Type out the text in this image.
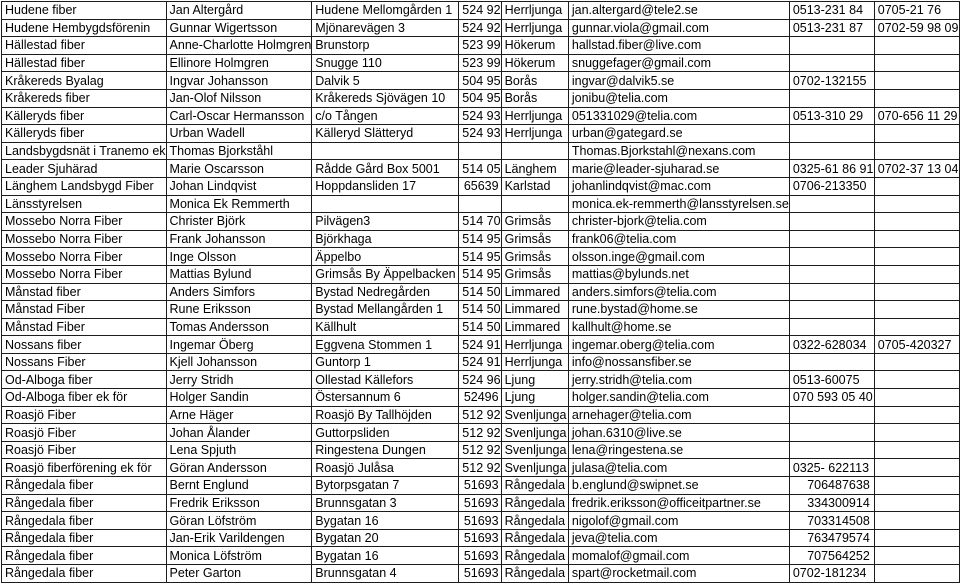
Hudene fiber	Jan Altergård	Hudene Mellomgården 1	524 92	Herrljunga	jan.altergard@tele2.se	0513-231 84	0705-21 76
Hudene Hembygdsförenin	Gunnar Wigertsson	Mjönarevägen 3	524 92	Herrljunga	gunnar.viola@gmail.com	0513-231 87	0702-59 98 09
Hällestad fiber	Anne-Charlotte Holmgren	Brunstorp	523 99	Hökerum	hallstad.fiber@live.com		
Hällestad fiber	Ellinore Holmgren	Snugge 110	523 99	Hökerum	snuggefager@gmail.com		
Kråkereds Byalag	Ingvar Johansson	Dalvik 5	504 95	Borås	ingvar@dalvik5.se	0702-132155	
Kråkereds fiber	Jan-Olof Nilsson	Kråkereds Sjövägen 10	504 95	Borås	jonibu@telia.com		
Källeryds fiber	Carl-Oscar Hermansson	c/o Tången	524 93	Herrljunga	051331029@telia.com	0513-310 29	070-656 11 29
Källeryds fiber	Urban Wadell	Källeryd Slätteryd	524 93	Herrljunga	urban@gategard.se		
Landsbygdsnät i Tranemo ek	Thomas Bjorkståhl				Thomas.Bjorkstahl@nexans.com		
Leader Sjuhärad	Marie Oscarsson	Rådde Gård Box 5001	514 05	Länghem	marie@leader-sjuharad.se	0325-61 86 91	0702-37 13 04
Länghem Landsbygd Fiber	Johan Lindqvist	Hoppdansliden 17	65639	Karlstad	johanlindqvist@mac.com	0706-213350	
Länsstyrelsen	Monica Ek Remmerth				monica.ek-remmerth@lansstyrelsen.se		
Mossebo Norra Fiber	Christer Björk	Pilvägen3	514 70	Grimsås	christer-bjork@telia.com		
Mossebo Norra Fiber	Frank Johansson	Björkhaga	514 95	Grimsås	frank06@telia.com		
Mossebo Norra Fiber	Inge Olsson	Äppelbo	514 95	Grimsås	olsson.inge@gmail.com		
Mossebo Norra Fiber	Mattias Bylund	Grimsås By Äppelbacken	514 95	Grimsås	mattias@bylunds.net		
Månstad fiber	Anders Simfors	Bystad Nedregården	514 50	Limmared	anders.simfors@telia.com		
Månstad Fiber	Rune Eriksson	Bystad Mellangården 1	514 50	Limmared	rune.bystad@home.se		
Månstad Fiber	Tomas Andersson	Källhult	514 50	Limmared	kallhult@home.se		
Nossans fiber	Ingemar Öberg	Eggvena Stommen 1	524 91	Herrljunga	ingemar.oberg@telia.com	0322-628034	0705-420327
Nossans Fiber	Kjell Johansson	Guntorp 1	524 91	Herrljunga	info@nossansfiber.se		
Od-Alboga fiber	Jerry Stridh	Ollestad Källefors	524 96	Ljung	jerry.stridh@telia.com	0513-60075	
Od-Alboga fiber ek för	Holger Sandin	Östersannum 6	52496	Ljung	holger.sandin@telia.com	070 593 05 40	
Roasjö Fiber	Arne Häger	Roasjö By Tallhöjden	512 92	Svenljunga	arnehager@telia.com		
Roasjö Fiber	Johan Ålander	Guttorpsliden	512 92	Svenljunga	johan.6310@live.se		
Roasjö Fiber	Lena Spjuth	Ringestena Dungen	512 92	Svenljunga	lena@ringestena.se		
Roasjö fiberförening ek för	Göran Andersson	Roasjö Julåsa	512 92	Svenljunga	julasa@telia.com	0325- 622113	
Rångedala fiber	Bernt Englund	Bytorpsgatan 7	51693	Rångedala	b.englund@swipnet.se	706487638	
Rångedala fiber	Fredrik Eriksson	Brunnsgatan 3	51693	Rångedala	fredrik.eriksson@officeitpartner.se	334300914	
Rångedala fiber	Göran Löfström	Bygatan 16	51693	Rångedala	nigolof@gmail.com	703314508	
Rångedala fiber	Jan-Erik Varildengen	Bygatan 20	51693	Rångedala	jeva@telia.com	763479574	
Rångedala fiber	Monica Löfström	Bygatan 16	51693	Rångedala	momalof@gmail.com	707564252	
Rångedala fiber	Peter Garton	Brunnsgatan 4	51693	Rångedala	spart@rocketmail.com	0702-181234	
